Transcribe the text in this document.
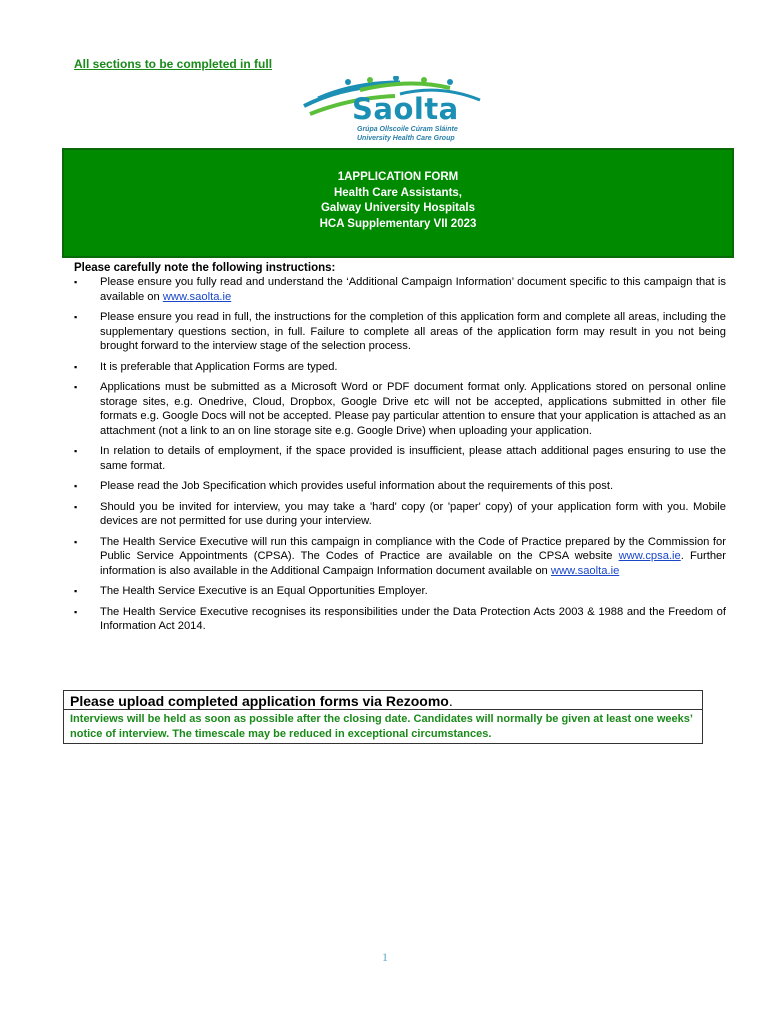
All sections to be completed in full
Saolta
Grúpa Ollscoile Cúram Sláinte
University Health Care Group
1APPLICATION FORM
Health Care Assistants,
Galway University Hospitals
HCA Supplementary VII 2023
Please carefully note the following instructions:
▪ Please ensure you fully read and understand the ‘Additional Campaign Information’ document specific to this campaign that is available on www.saolta.ie
▪ Please ensure you read in full, the instructions for the completion of this application form and complete all areas, including the supplementary questions section, in full. Failure to complete all areas of the application form may result in you not being brought forward to the interview stage of the selection process.
▪ It is preferable that Application Forms are typed.
▪ Applications must be submitted as a Microsoft Word or PDF document format only. Applications stored on personal online storage sites, e.g. Onedrive, Cloud, Dropbox, Google Drive etc will not be accepted, applications submitted in other file formats e.g. Google Docs will not be accepted. Please pay particular attention to ensure that your application is attached as an attachment (not a link to an on line storage site e.g. Google Drive) when uploading your application.
▪ In relation to details of employment, if the space provided is insufficient, please attach additional pages ensuring to use the same format.
▪ Please read the Job Specification which provides useful information about the requirements of this post.
▪ Should you be invited for interview, you may take a 'hard' copy (or 'paper' copy) of your application form with you. Mobile devices are not permitted for use during your interview.
▪ The Health Service Executive will run this campaign in compliance with the Code of Practice prepared by the Commission for Public Service Appointments (CPSA). The Codes of Practice are available on the CPSA website www.cpsa.ie. Further information is also available in the Additional Campaign Information document available on www.saolta.ie
▪ The Health Service Executive is an Equal Opportunities Employer.
▪ The Health Service Executive recognises its responsibilities under the Data Protection Acts 2003 & 1988 and the Freedom of Information Act 2014.
Please upload completed application forms via Rezoomo.
Interviews will be held as soon as possible after the closing date. Candidates will normally be given at least one weeks’ notice of interview. The timescale may be reduced in exceptional circumstances.
1
